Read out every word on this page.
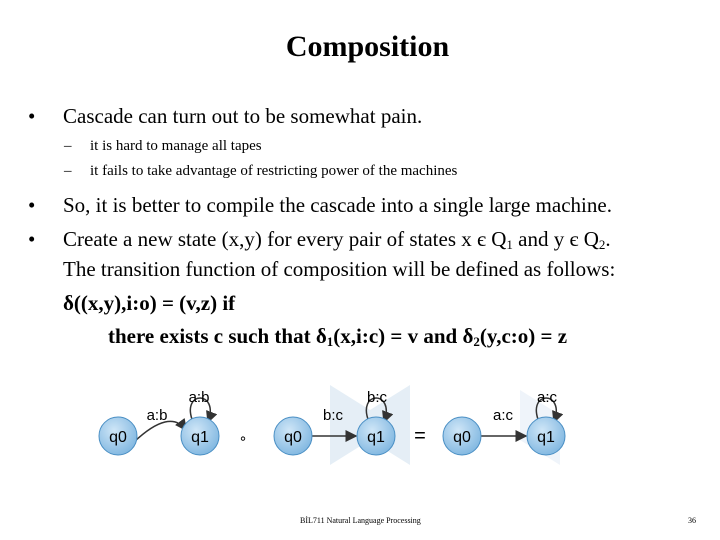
Composition
• Cascade can turn out to be somewhat pain.
– it is hard to manage all tapes
– it fails to take advantage of restricting power of the machines
• So, it is better to compile the cascade into a single large machine.
• Create a new state (x,y) for every pair of states x є $Q_1$ and y є $Q_2$.
The transition function of composition will be defined as follows:
δ((x,y),i:o) = (v,z) if
there exists c such that $\delta_1(x,i:c) = v$ and $\delta_2(y,c:o) = z$
q0	q1
a:b
a:b
∘ q0	q1
b:c
b:c
= q0	q1
a:c
a:c
BİL711 Natural Language Processing	36
